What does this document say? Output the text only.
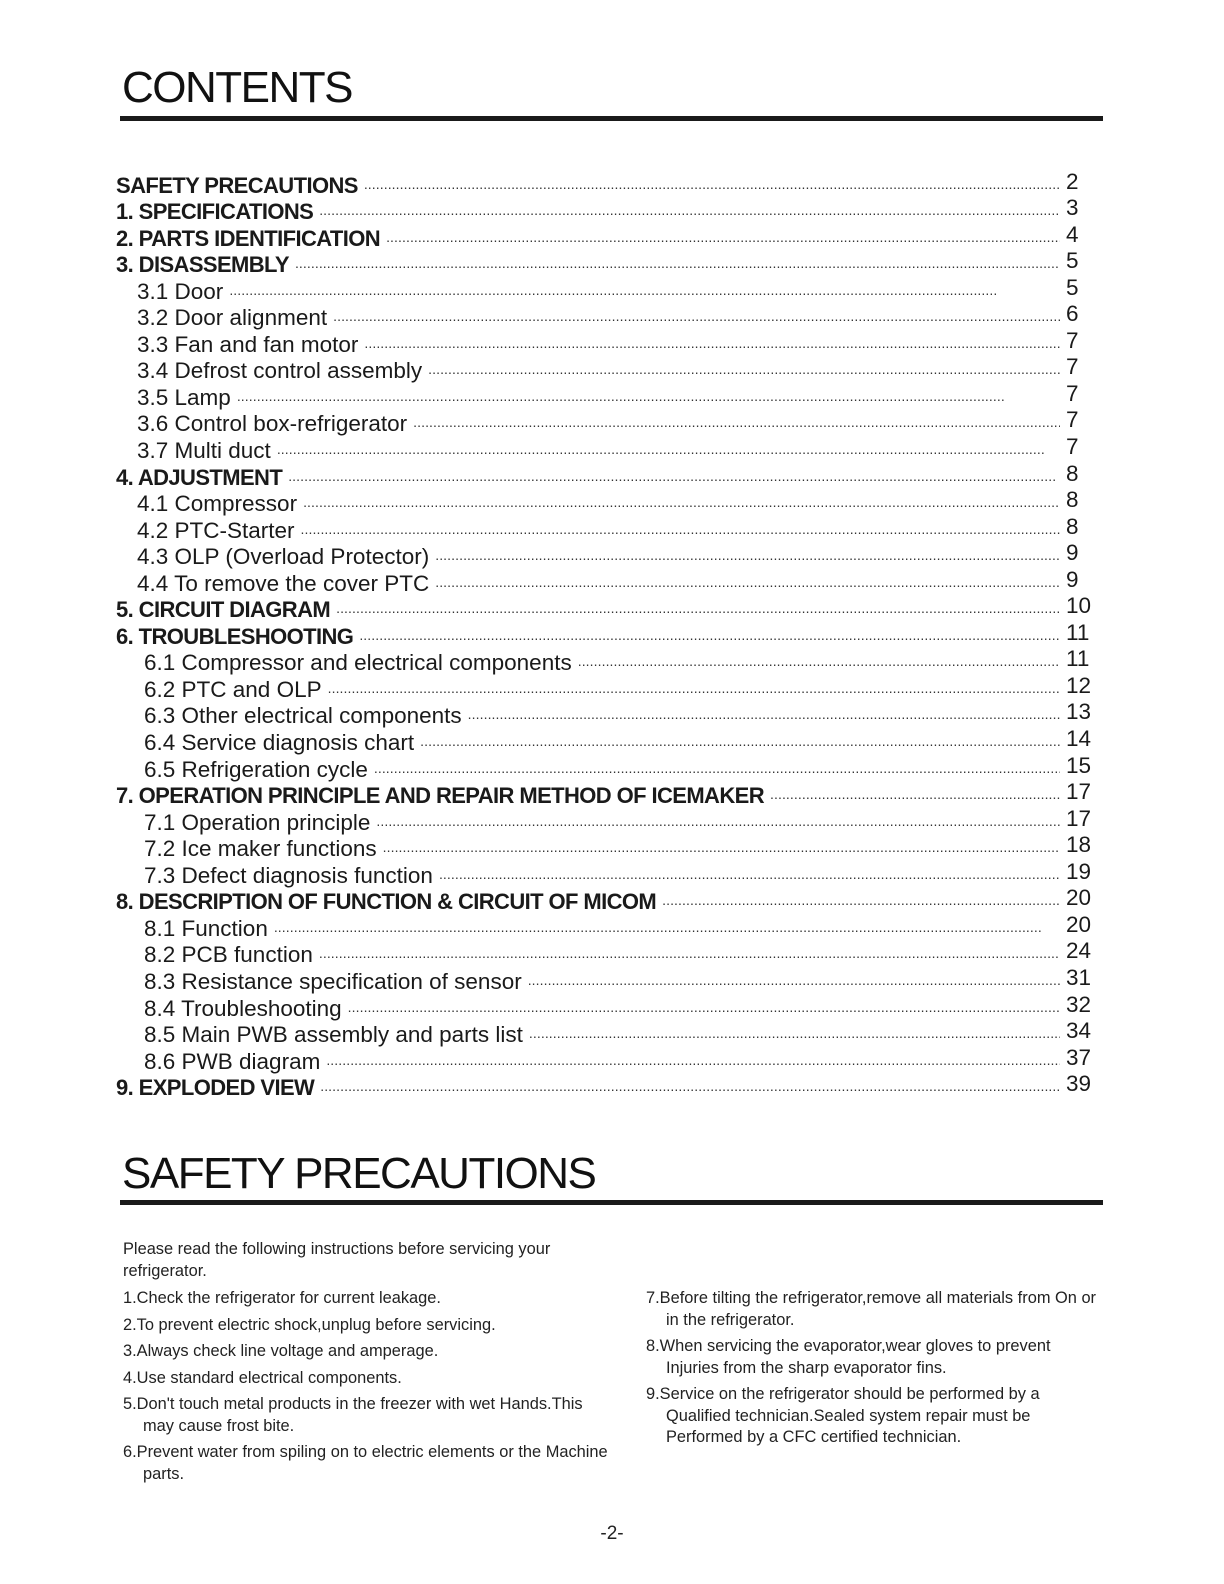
CONTENTS
SAFETY PRECAUTIONS . . .	2
1. SPECIFICATIONS . . .	3
2. PARTS IDENTIFICATION . . .	4
3. DISASSEMBLY . . .	5
3.1 Door . . .	5
3.2 Door alignment . . .	6
3.3 Fan and fan motor . . .	7
3.4 Defrost control assembly . . .	7
3.5 Lamp . . .	7
3.6 Control box-refrigerator . . .	7
3.7 Multi duct . . .	7
4. ADJUSTMENT . . .	8
4.1 Compressor . . .	8
4.2 PTC-Starter . . .	8
4.3 OLP (Overload Protector) . . .	9
4.4 To remove the cover PTC . . .	9
5. CIRCUIT DIAGRAM . . .	10
6. TROUBLESHOOTING . . .	11
6.1 Compressor and electrical components . . .	11
6.2 PTC and OLP . . .	12
6.3 Other electrical components . . .	13
6.4 Service diagnosis chart . . .	14
6.5 Refrigeration cycle . . .	15
7. OPERATION PRINCIPLE AND REPAIR METHOD OF ICEMAKER . . .	17
7.1 Operation principle . . .	17
7.2 Ice maker functions . . .	18
7.3 Defect diagnosis function . . .	19
8. DESCRIPTION OF FUNCTION & CIRCUIT OF MICOM . . .	20
8.1 Function . . .	20
8.2 PCB function . . .	24
8.3 Resistance specification of sensor . . .	31
8.4 Troubleshooting . . .	32
8.5 Main PWB assembly and parts list . . .	34
8.6 PWB diagram . . .	37
9. EXPLODED VIEW . . .	39
SAFETY PRECAUTIONS

Please read the following instructions before servicing your refrigerator.

1.Check the refrigerator for current leakage.

2.To prevent electric shock,unplug before servicing.

3.Always check line voltage and amperage.

4.Use standard electrical components.

5.Don't touch metal products in the freezer with wet Hands.This may cause frost bite.

6.Prevent water from spiling on to electric elements or the Machine parts.

7.Before tilting the refrigerator,remove all materials from On or in the refrigerator.

8.When servicing the evaporator,wear gloves to prevent Injuries from the sharp evaporator fins.

9.Service on the refrigerator should be performed by a Qualified technician.Sealed system repair must be Performed by a CFC certified technician.

-2-
